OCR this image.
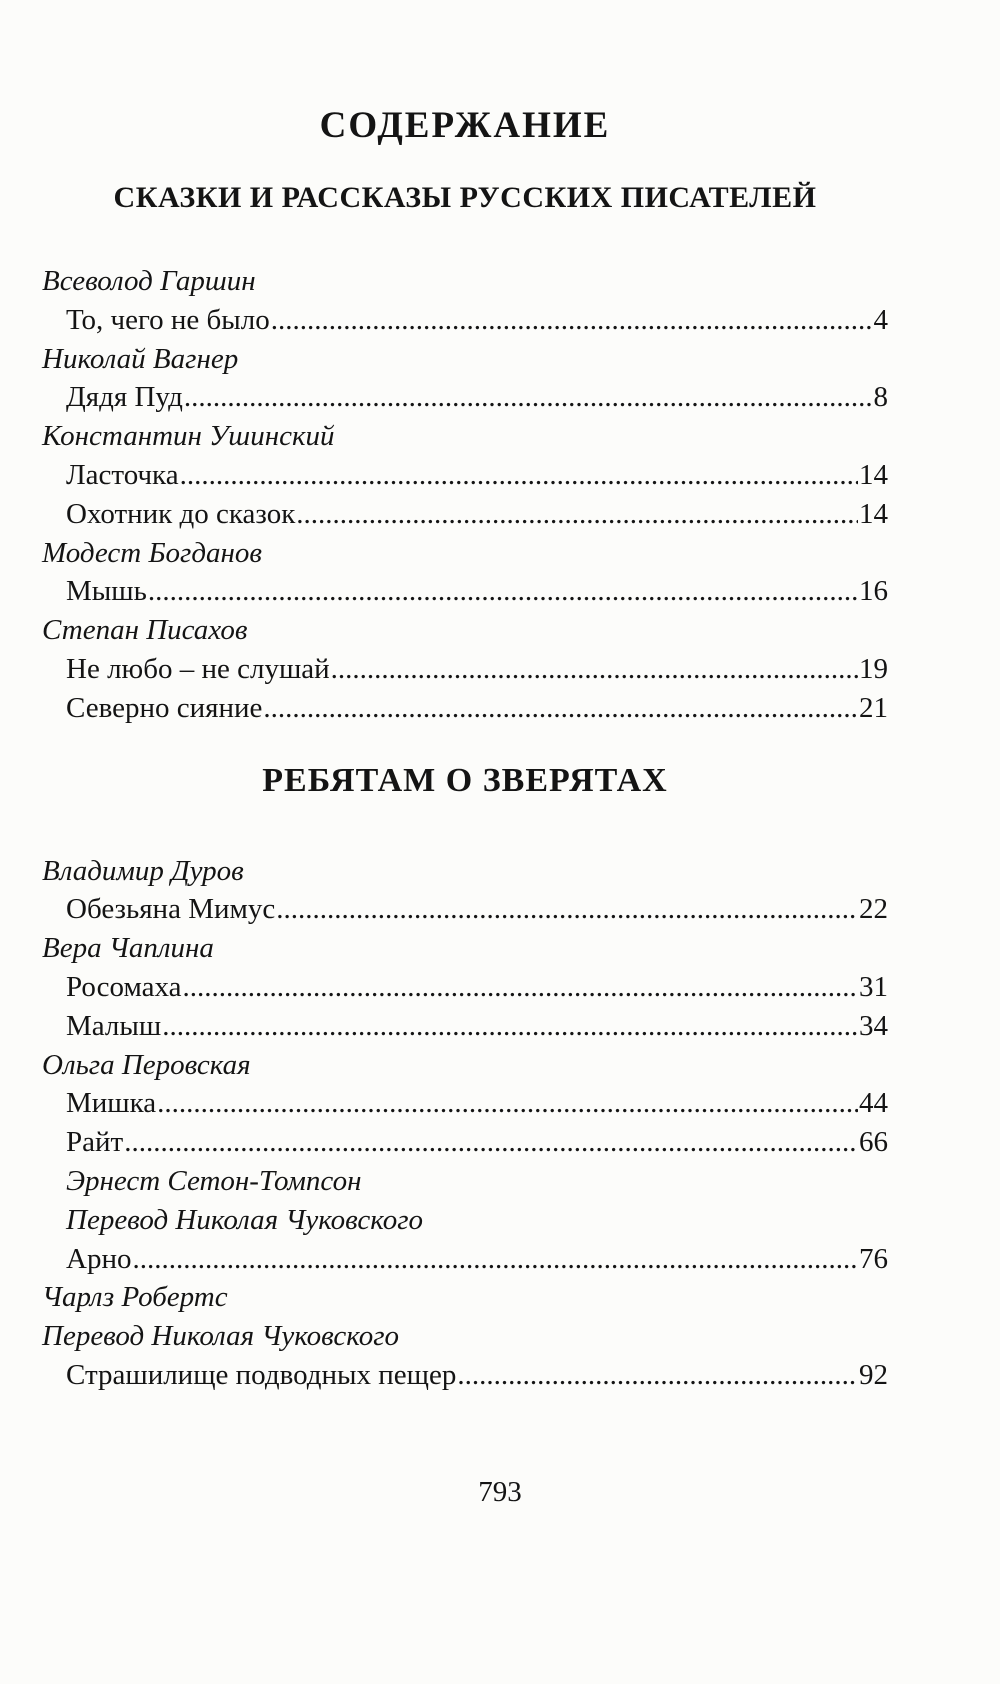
СОДЕРЖАНИЕ
СКАЗКИ И РАССКАЗЫ РУССКИХ ПИСАТЕЛЕЙ
Всеволод Гаршин
То, чего не было .....	4
Николай Вагнер
Дядя Пуд .....	8
Константин Ушинский
Ласточка .....	14
Охотник до сказок .....	14
Модест Богданов
Мышь .....	16
Степан Писахов
Не любо – не слушай .....	19
Северно сияние .....	21
РЕБЯТАМ О ЗВЕРЯТАХ
Владимир Дуров
Обезьяна Мимус .....	22
Вера Чаплина
Росомаха .....	31
Малыш .....	34
Ольга Перовская
Мишка .....	44
Райт .....	66
Эрнест Сетон-Томпсон
Перевод Николая Чуковского
Арно .....	76
Чарлз Робертс
Перевод Николая Чуковского
Страшилище подводных пещер .....	92
793
